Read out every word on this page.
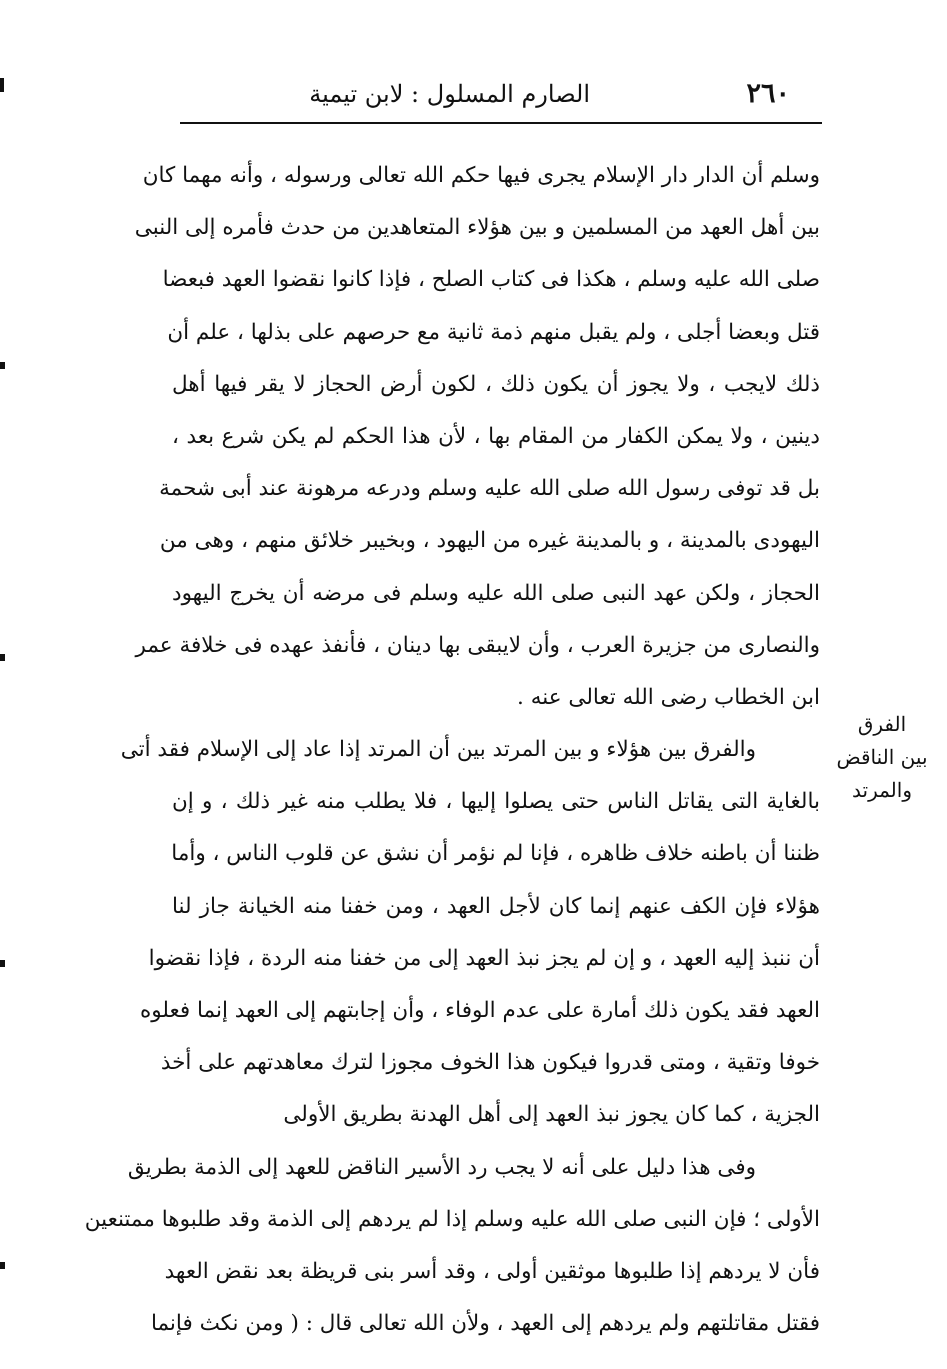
٢٦٠
الصارم المسلول : لابن تيمية
الفرق
بين الناقض
والمرتد
وسلم أن الدار دار الإسلام يجرى فيها حكم الله تعالى ورسوله ، وأنه مهما كان
بين أهل العهد من المسلمين و بين هؤلاء المتعاهدين من حدث فأمره إلى النبى
صلى الله عليه وسلم ، هكذا فى كتاب الصلح ، فإذا كانوا نقضوا العهد فبعضا
قتل وبعضا أجلى ، ولم يقبل منهم ذمة ثانية مع حرصهم على بذلها ، علم أن
ذلك لايجب ، ولا يجوز أن يكون ذلك ، لكون أرض الحجاز لا يقر فيها أهل
دينين ، ولا يمكن الكفار من المقام بها ، لأن هذا الحكم لم يكن شرع بعد ،
بل قد توفى رسول الله صلى الله عليه وسلم ودرعه مرهونة عند أبى شحمة
اليهودى بالمدينة ، و بالمدينة غيره من اليهود ، وبخيبر خلائق منهم ، وهى من
الحجاز ، ولكن عهد النبى صلى الله عليه وسلم فى مرضه أن يخرج اليهود
والنصارى من جزيرة العرب ، وأن لايبقى بها دينان ، فأنفذ عهده فى خلافة عمر
ابن الخطاب رضى الله تعالى عنه .
والفرق بين هؤلاء و بين المرتد بين أن المرتد إذا عاد إلى الإسلام فقد أتى
بالغاية التى يقاتل الناس حتى يصلوا إليها ، فلا يطلب منه غير ذلك ، و إن
ظننا أن باطنه خلاف ظاهره ، فإنا لم نؤمر أن نشق عن قلوب الناس ، وأما
هؤلاء فإن الكف عنهم إنما كان لأجل العهد ، ومن خفنا منه الخيانة جاز لنا
أن ننبذ إليه العهد ، و إن لم يجز نبذ العهد إلى من خفنا منه الردة ، فإذا نقضوا
العهد فقد يكون ذلك أمارة على عدم الوفاء ، وأن إجابتهم إلى العهد إنما فعلوه
خوفا وتقية ، ومتى قدروا فيكون هذا الخوف مجوزا لترك معاهدتهم على أخذ
الجزية ، كما كان يجوز نبذ العهد إلى أهل الهدنة بطريق الأولى
وفى هذا دليل على أنه لا يجب رد الأسير الناقض للعهد إلى الذمة بطريق
الأولى ؛ فإن النبى صلى الله عليه وسلم إذا لم يردهم إلى الذمة وقد طلبوها ممتنعين
فأن لا يردهم إذا طلبوها موثقين أولى ، وقد أسر بنى قريظة بعد نقض العهد
فقتل مقاتلتهم ولم يردهم إلى العهد ، ولأن الله تعالى قال : ( ومن نكث فإنما
